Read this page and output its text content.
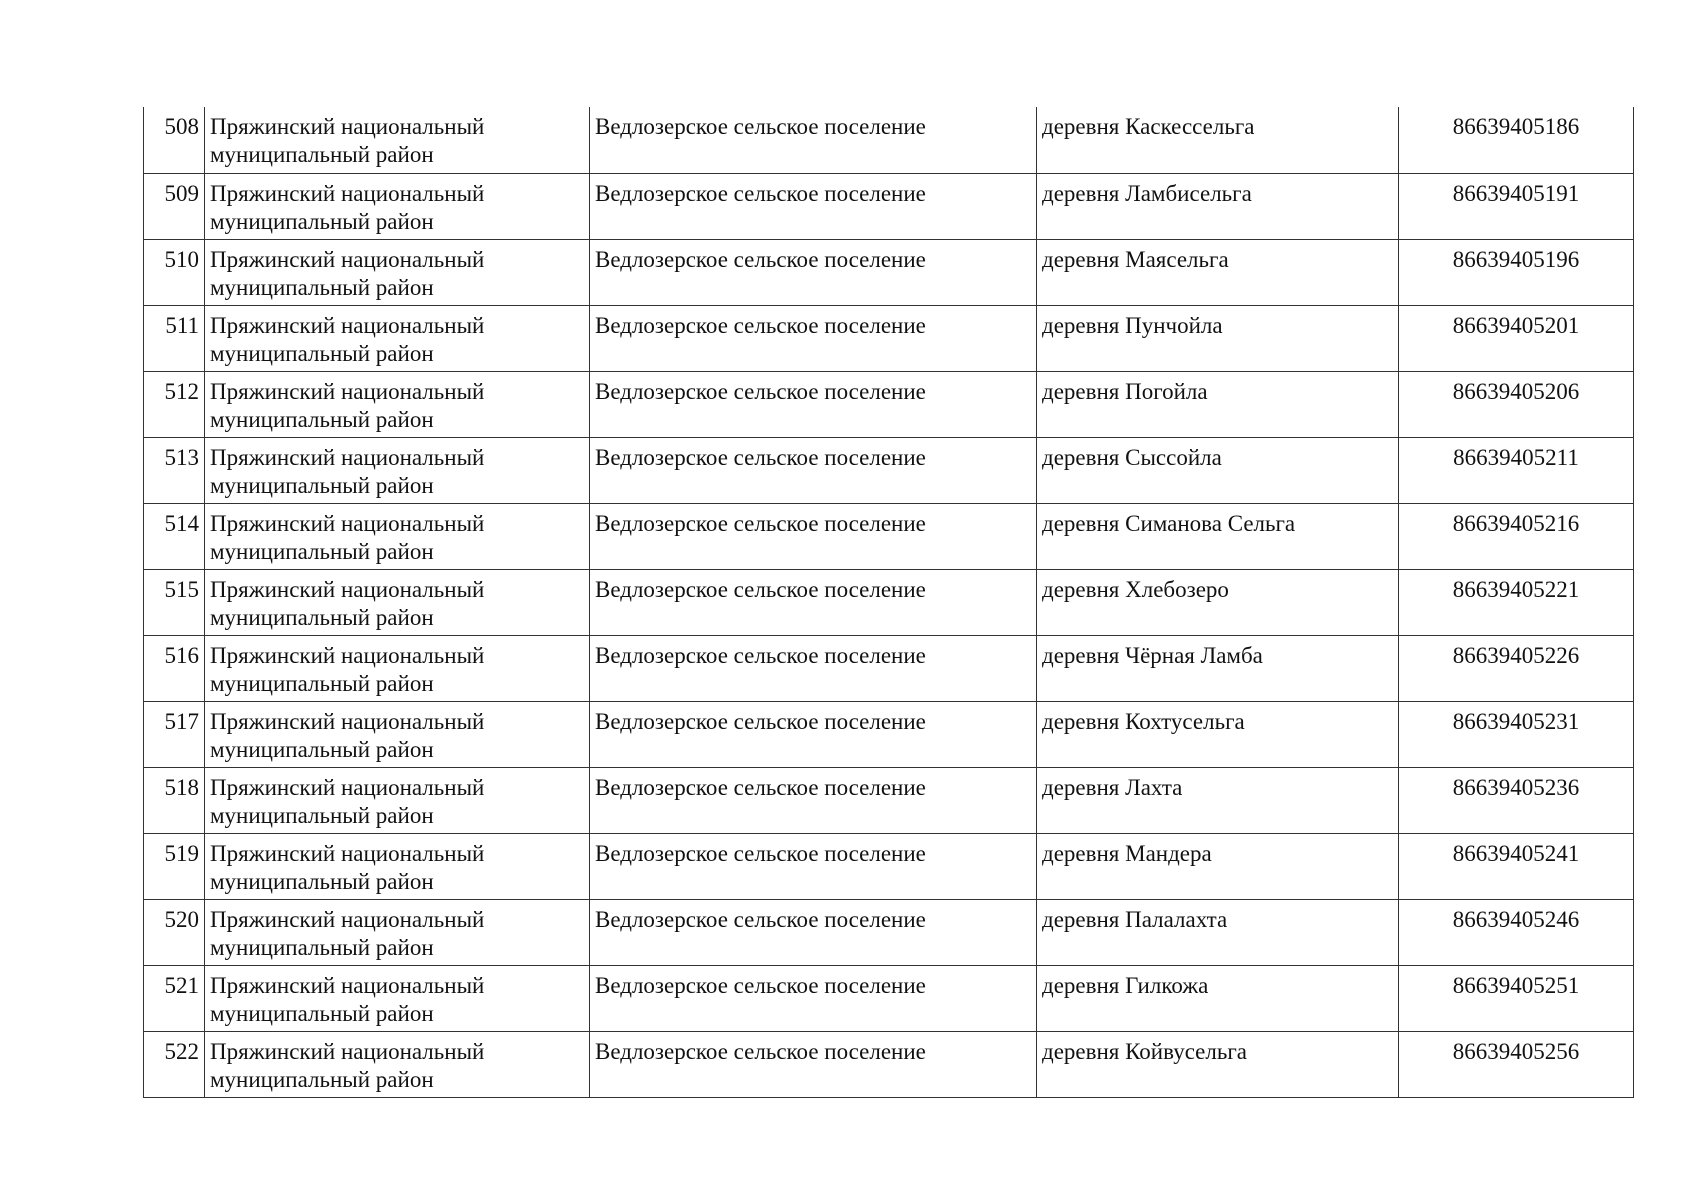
508	Пряжинский национальный муниципальный район	Ведлозерское сельское поселение	деревня Каскессельга	86639405186
509	Пряжинский национальный муниципальный район	Ведлозерское сельское поселение	деревня Ламбисельга	86639405191
510	Пряжинский национальный муниципальный район	Ведлозерское сельское поселение	деревня Маясельга	86639405196
511	Пряжинский национальный муниципальный район	Ведлозерское сельское поселение	деревня Пунчойла	86639405201
512	Пряжинский национальный муниципальный район	Ведлозерское сельское поселение	деревня Погойла	86639405206
513	Пряжинский национальный муниципальный район	Ведлозерское сельское поселение	деревня Сыссойла	86639405211
514	Пряжинский национальный муниципальный район	Ведлозерское сельское поселение	деревня Симанова Сельга	86639405216
515	Пряжинский национальный муниципальный район	Ведлозерское сельское поселение	деревня Хлебозеро	86639405221
516	Пряжинский национальный муниципальный район	Ведлозерское сельское поселение	деревня Чёрная Ламба	86639405226
517	Пряжинский национальный муниципальный район	Ведлозерское сельское поселение	деревня Кохтусельга	86639405231
518	Пряжинский национальный муниципальный район	Ведлозерское сельское поселение	деревня Лахта	86639405236
519	Пряжинский национальный муниципальный район	Ведлозерское сельское поселение	деревня Мандера	86639405241
520	Пряжинский национальный муниципальный район	Ведлозерское сельское поселение	деревня Палалахта	86639405246
521	Пряжинский национальный муниципальный район	Ведлозерское сельское поселение	деревня Гилкожа	86639405251
522	Пряжинский национальный муниципальный район	Ведлозерское сельское поселение	деревня Койвусельга	86639405256
